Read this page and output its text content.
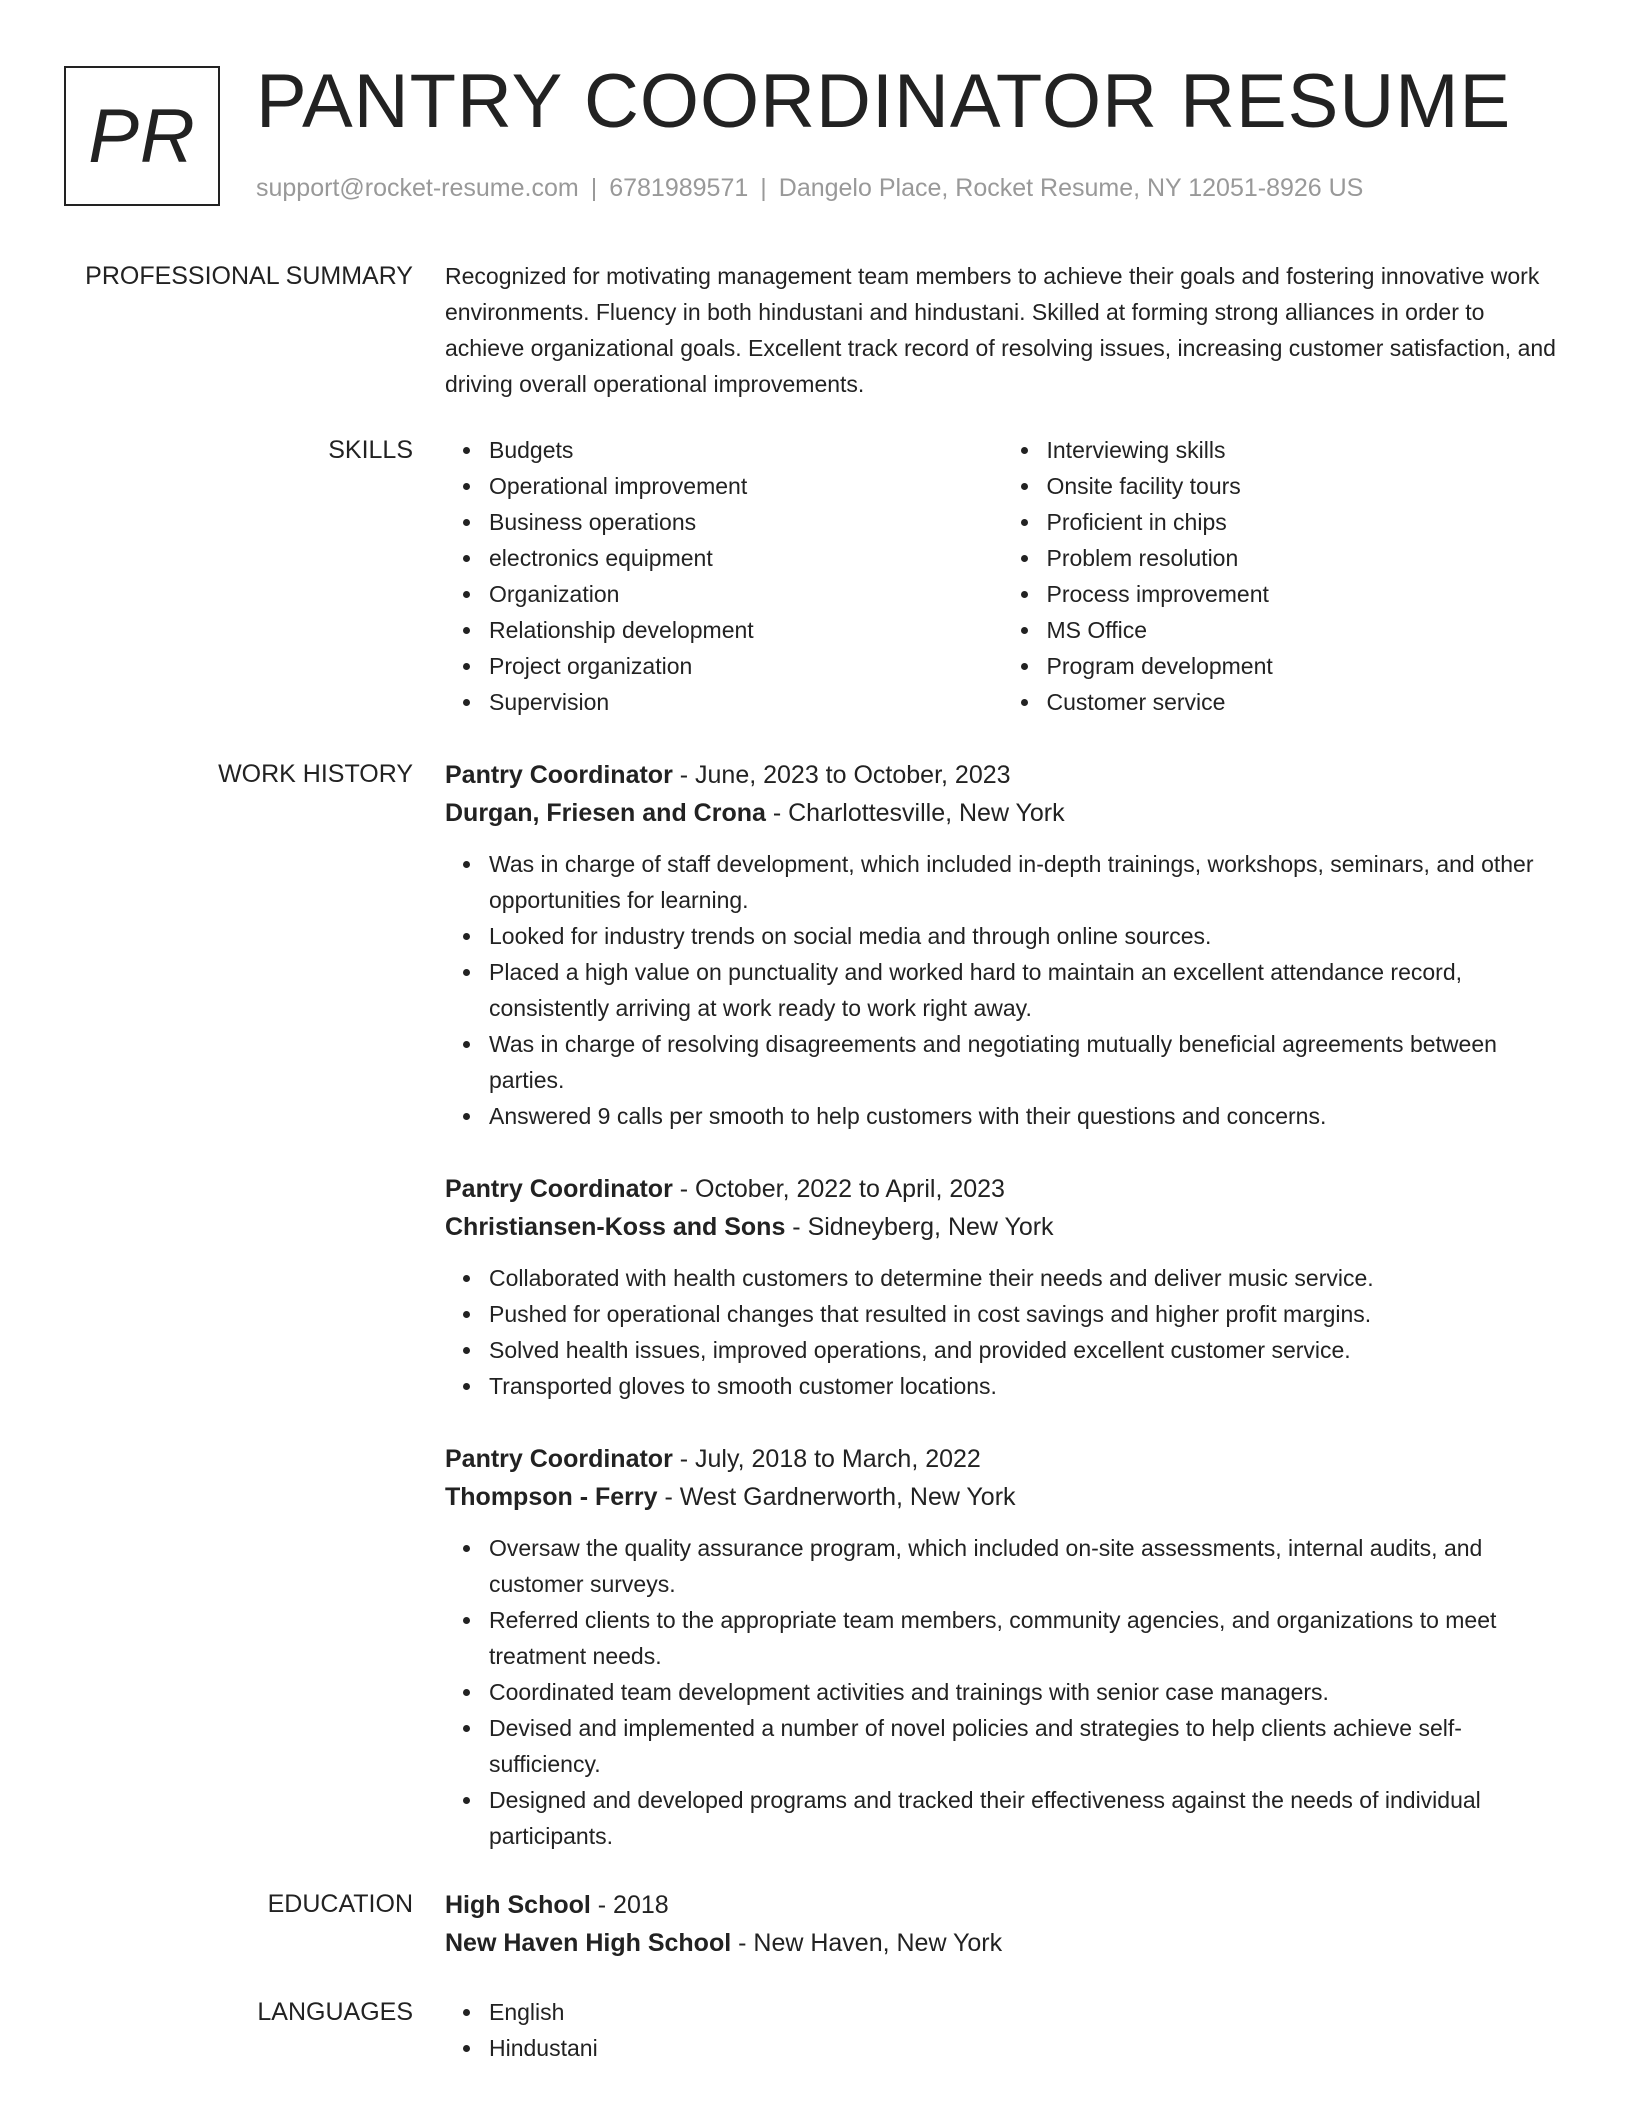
PR PANTRY COORDINATOR RESUME
support@rocket-resume.com | 6781989571 | Dangelo Place, Rocket Resume, NY 12051-8926 US
PROFESSIONAL SUMMARY Recognized for motivating management team members to achieve their goals and fostering innovative work environments. Fluency in both hindustani and hindustani. Skilled at forming strong alliances in order to achieve organizational goals. Excellent track record of resolving issues, increasing customer satisfaction, and driving overall operational improvements.
SKILLS	Budgets
Operational improvement
Business operations
electronics equipment
Organization
Relationship development
Project organization
Supervision
Interviewing skills
Onsite facility tours
Proficient in chips
Problem resolution
Process improvement
MS Office
Program development
Customer service
WORK HISTORY Pantry Coordinator - June, 2023 to October, 2023
Durgan, Friesen and Crona - Charlottesville, New York
Was in charge of staff development, which included in-depth trainings, workshops, seminars, and other opportunities for learning.
Looked for industry trends on social media and through online sources.
Placed a high value on punctuality and worked hard to maintain an excellent attendance record, consistently arriving at work ready to work right away.
Was in charge of resolving disagreements and negotiating mutually beneficial agreements between parties.
Answered 9 calls per smooth to help customers with their questions and concerns.
Pantry Coordinator - October, 2022 to April, 2023
Christiansen-Koss and Sons - Sidneyberg, New York
Collaborated with health customers to determine their needs and deliver music service.
Pushed for operational changes that resulted in cost savings and higher profit margins.
Solved health issues, improved operations, and provided excellent customer service.
Transported gloves to smooth customer locations.
Pantry Coordinator - July, 2018 to March, 2022
Thompson - Ferry - West Gardnerworth, New York
Oversaw the quality assurance program, which included on-site assessments, internal audits, and customer surveys.
Referred clients to the appropriate team members, community agencies, and organizations to meet treatment needs.
Coordinated team development activities and trainings with senior case managers.
Devised and implemented a number of novel policies and strategies to help clients achieve self-sufficiency.
Designed and developed programs and tracked their effectiveness against the needs of individual participants.
EDUCATION High School - 2018
New Haven High School - New Haven, New York
LANGUAGES	English
Hindustani
